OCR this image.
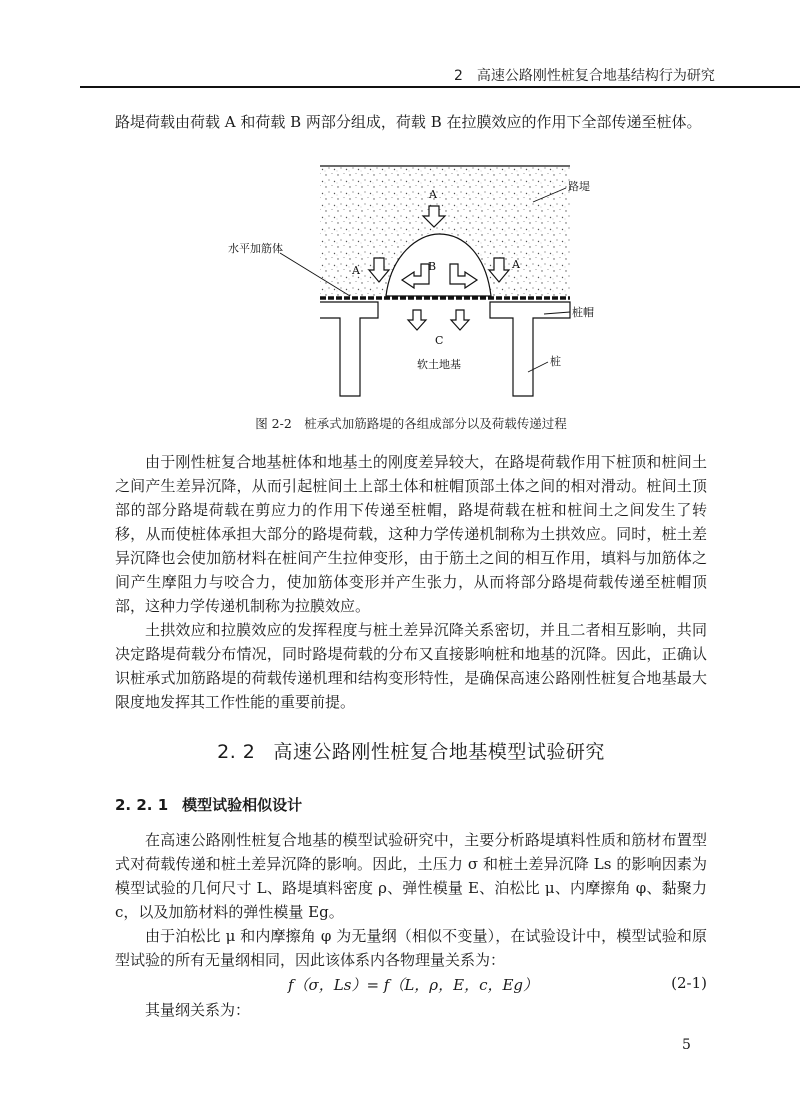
2　高速公路刚性桩复合地基结构行为研究
路堤荷载由荷载 A 和荷载 B 两部分组成，荷载 B 在拉膜效应的作用下全部传递至桩体。
路堤
水平加筋体
桩帽
桩
软土地基
A
A	A
B
C
图 2-2　桩承式加筋路堤的各组成部分以及荷载传递过程
由于刚性桩复合地基桩体和地基土的刚度差异较大，在路堤荷载作用下桩顶和桩间土之间产生差异沉降，从而引起桩间土上部土体和桩帽顶部土体之间的相对滑动。桩间土顶部的部分路堤荷载在剪应力的作用下传递至桩帽，路堤荷载在桩和桩间土之间发生了转移，从而使桩体承担大部分的路堤荷载，这种力学传递机制称为土拱效应。同时，桩土差异沉降也会使加筋材料在桩间产生拉伸变形，由于筋土之间的相互作用，填料与加筋体之间产生摩阻力与咬合力，使加筋体变形并产生张力，从而将部分路堤荷载传递至桩帽顶部，这种力学传递机制称为拉膜效应。
土拱效应和拉膜效应的发挥程度与桩土差异沉降关系密切，并且二者相互影响，共同决定路堤荷载分布情况，同时路堤荷载的分布又直接影响桩和地基的沉降。因此，正确认识桩承式加筋路堤的荷载传递机理和结构变形特性，是确保高速公路刚性桩复合地基最大限度地发挥其工作性能的重要前提。
2. 2 高速公路刚性桩复合地基模型试验研究
2. 2. 1 模型试验相似设计
在高速公路刚性桩复合地基的模型试验研究中，主要分析路堤填料性质和筋材布置型式对荷载传递和桩土差异沉降的影响。因此，土压力 σ 和桩土差异沉降 Ls 的影响因素为模型试验的几何尺寸 L、路堤填料密度 ρ、弹性模量 E、泊松比 μ、内摩擦角 φ、黏聚力 c，以及加筋材料的弹性模量 Eg。
由于泊松比 μ 和内摩擦角 φ 为无量纲（相似不变量），在试验设计中，模型试验和原型试验的所有无量纲相同，因此该体系内各物理量关系为：
f（σ，Ls）= f（L，ρ，E，c，Eg）	(2-1)
其量纲关系为：
5
